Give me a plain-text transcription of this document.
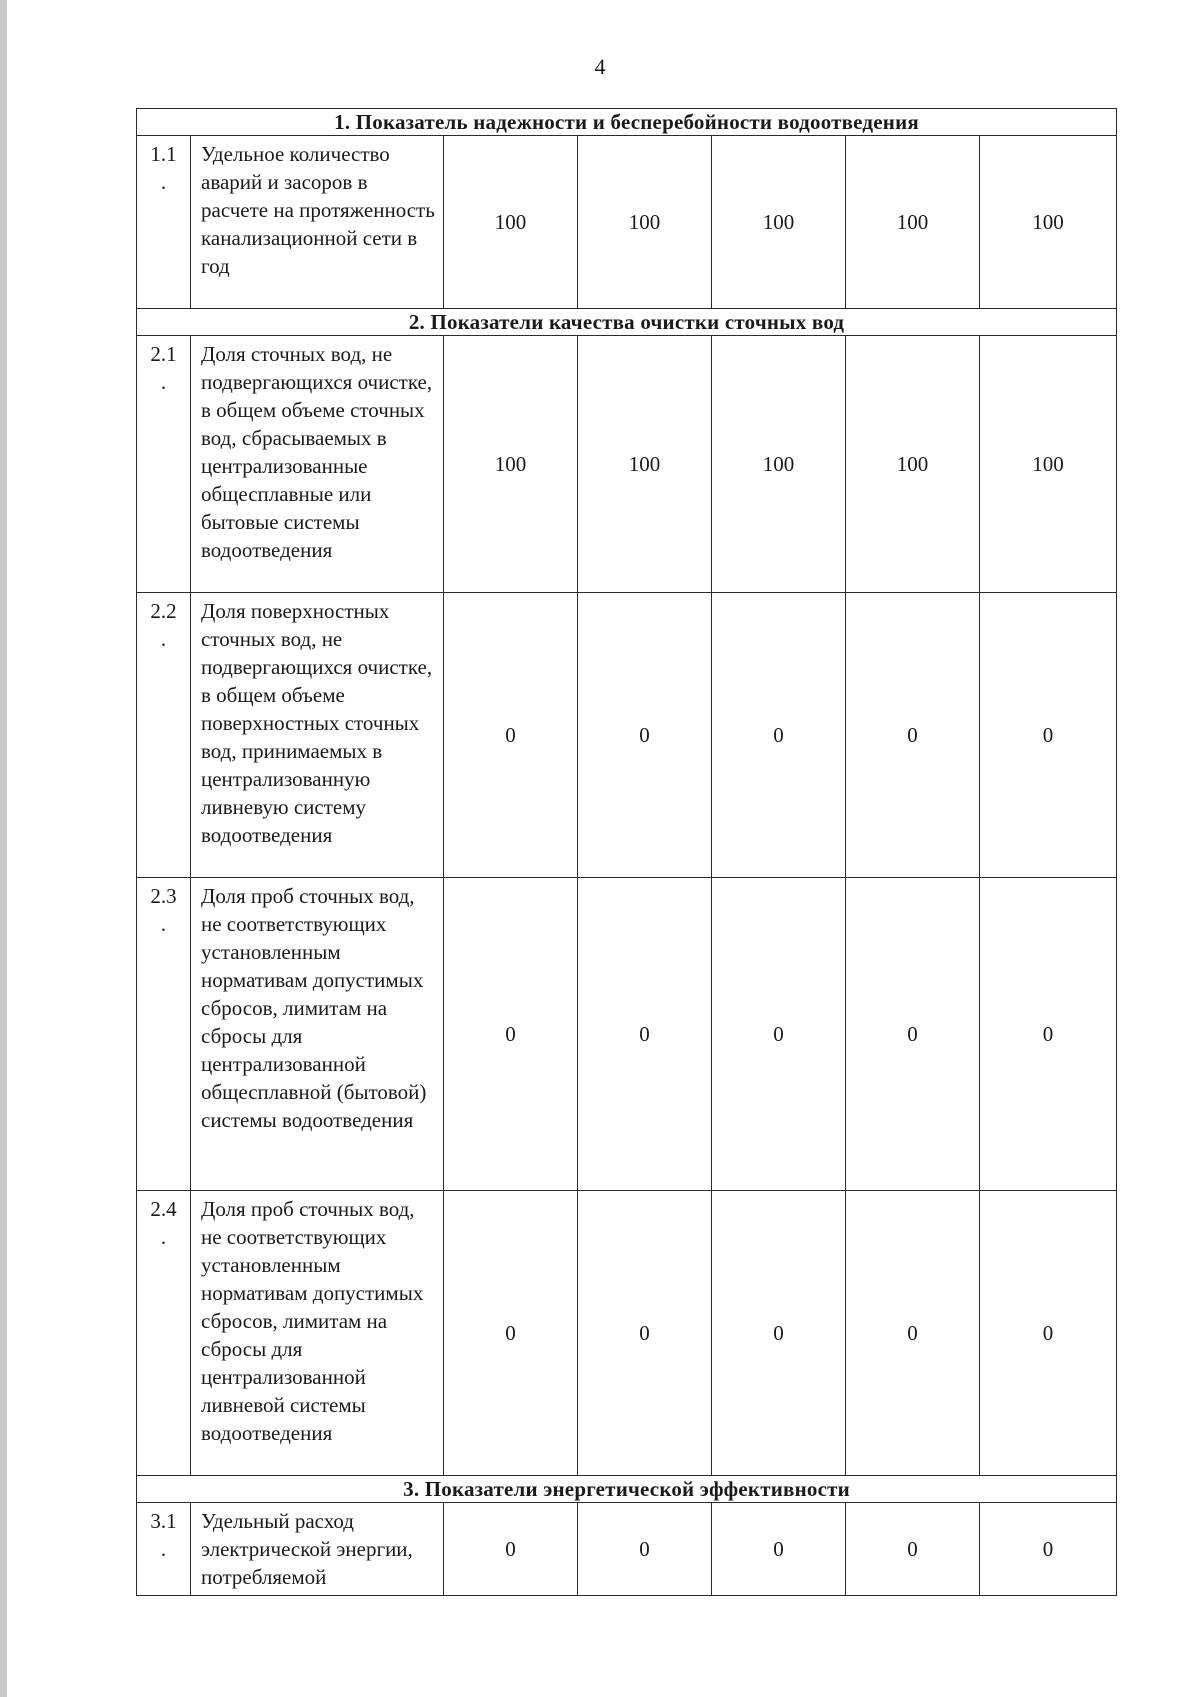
4
1. Показатель надежности и бесперебойности водоотведения						
1.1
.	Удельное количество аварий и засоров в расчете на протяженность канализационной сети в год	100	100	100	100	100
2. Показатели качества очистки сточных вод						
2.1
.	Доля сточных вод, не подвергающихся очистке, в общем объеме сточных вод, сбрасываемых в централизованные общесплавные или бытовые системы водоотведения	100	100	100	100	100
2.2
.	Доля поверхностных сточных вод, не подвергающихся очистке, в общем объеме поверхностных сточных вод, принимаемых в централизованную ливневую систему водоотведения	0	0	0	0	0
2.3
.	Доля проб сточных вод, не соответствующих установленным нормативам допустимых сбросов, лимитам на сбросы для централизованной общесплавной (бытовой) системы водоотведения	0	0	0	0	0
2.4
.	Доля проб сточных вод, не соответствующих установленным нормативам допустимых сбросов, лимитам на сбросы для централизованной ливневой системы водоотведения	0	0	0	0	0
3. Показатели энергетической эффективности						
3.1
.	Удельный расход электрической энергии, потребляемой	0	0	0	0	0
